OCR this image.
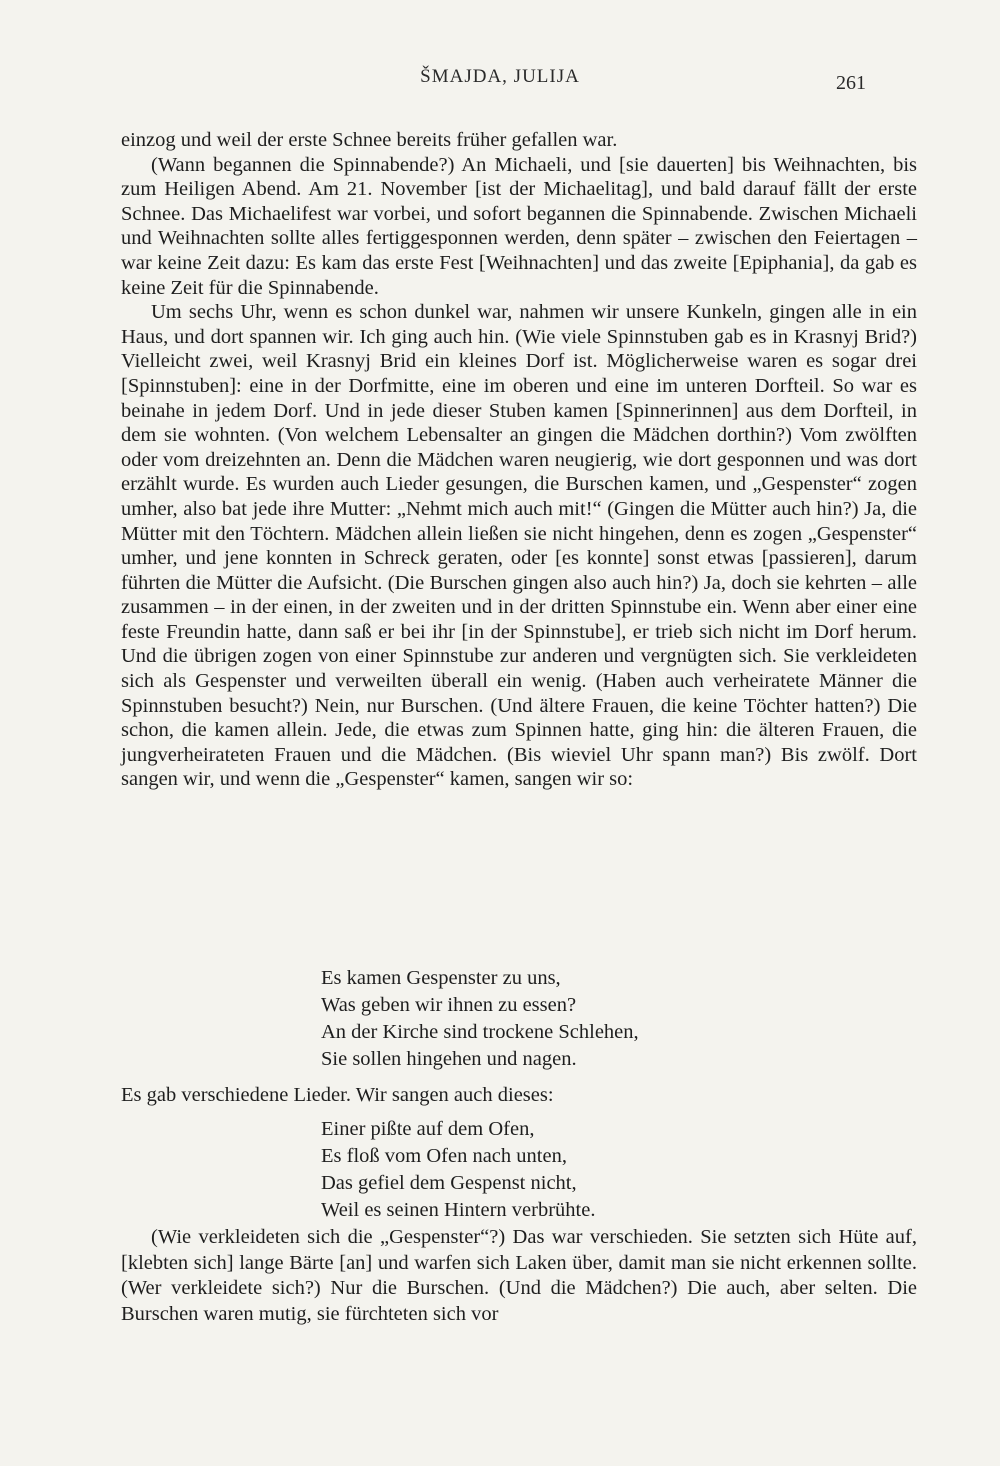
ŠMAJDA, JULIJA	261

einzog und weil der erste Schnee bereits früher gefallen war.

(Wann begannen die Spinnabende?) An Michaeli, und [sie dauerten] bis Weihnachten, bis zum Heiligen Abend. Am 21. November [ist der Michaelitag], und bald darauf fällt der erste Schnee. Das Michaelifest war vorbei, und sofort begannen die Spinnabende. Zwischen Michaeli und Weihnachten sollte alles fertiggesponnen werden, denn später – zwischen den Feiertagen – war keine Zeit dazu: Es kam das erste Fest [Weihnachten] und das zweite [Epiphania], da gab es keine Zeit für die Spinnabende.

Um sechs Uhr, wenn es schon dunkel war, nahmen wir unsere Kunkeln, gingen alle in ein Haus, und dort spannen wir. Ich ging auch hin. (Wie viele Spinnstuben gab es in Krasnyj Brid?) Vielleicht zwei, weil Krasnyj Brid ein kleines Dorf ist. Möglicherweise waren es sogar drei [Spinnstuben]: eine in der Dorfmitte, eine im oberen und eine im unteren Dorfteil. So war es beinahe in jedem Dorf. Und in jede dieser Stuben kamen [Spinnerinnen] aus dem Dorfteil, in dem sie wohnten. (Von welchem Lebensalter an gingen die Mädchen dorthin?) Vom zwölften oder vom dreizehnten an. Denn die Mädchen waren neugierig, wie dort gesponnen und was dort erzählt wurde. Es wurden auch Lieder gesungen, die Burschen kamen, und „Gespenster“ zogen umher, also bat jede ihre Mutter: „Nehmt mich auch mit!“ (Gingen die Mütter auch hin?) Ja, die Mütter mit den Töchtern. Mädchen allein ließen sie nicht hingehen, denn es zogen „Gespenster“ umher, und jene konnten in Schreck geraten, oder [es konnte] sonst etwas [passieren], darum führten die Mütter die Aufsicht. (Die Burschen gingen also auch hin?) Ja, doch sie kehrten – alle zusammen – in der einen, in der zweiten und in der dritten Spinnstube ein. Wenn aber einer eine feste Freundin hatte, dann saß er bei ihr [in der Spinnstube], er trieb sich nicht im Dorf herum. Und die übrigen zogen von einer Spinnstube zur anderen und vergnügten sich. Sie verkleideten sich als Gespenster und verweilten überall ein wenig. (Haben auch verheiratete Männer die Spinnstuben besucht?) Nein, nur Burschen. (Und ältere Frauen, die keine Töchter hatten?) Die schon, die kamen allein. Jede, die etwas zum Spinnen hatte, ging hin: die älteren Frauen, die jungverheirateten Frauen und die Mädchen. (Bis wieviel Uhr spann man?) Bis zwölf. Dort sangen wir, und wenn die „Gespenster“ kamen, sangen wir so:

Es kamen Gespenster zu uns,
Was geben wir ihnen zu essen?
An der Kirche sind trockene Schlehen,
Sie sollen hingehen und nagen.
Es gab verschiedene Lieder. Wir sangen auch dieses:
Einer pißte auf dem Ofen,
Es floß vom Ofen nach unten,
Das gefiel dem Gespenst nicht,
Weil es seinen Hintern verbrühte.

(Wie verkleideten sich die „Gespenster“?) Das war verschieden. Sie setzten sich Hüte auf, [klebten sich] lange Bärte [an] und warfen sich Laken über, damit man sie nicht erkennen sollte. (Wer verkleidete sich?) Nur die Burschen. (Und die Mädchen?) Die auch, aber selten. Die Burschen waren mutig, sie fürchteten sich vor
